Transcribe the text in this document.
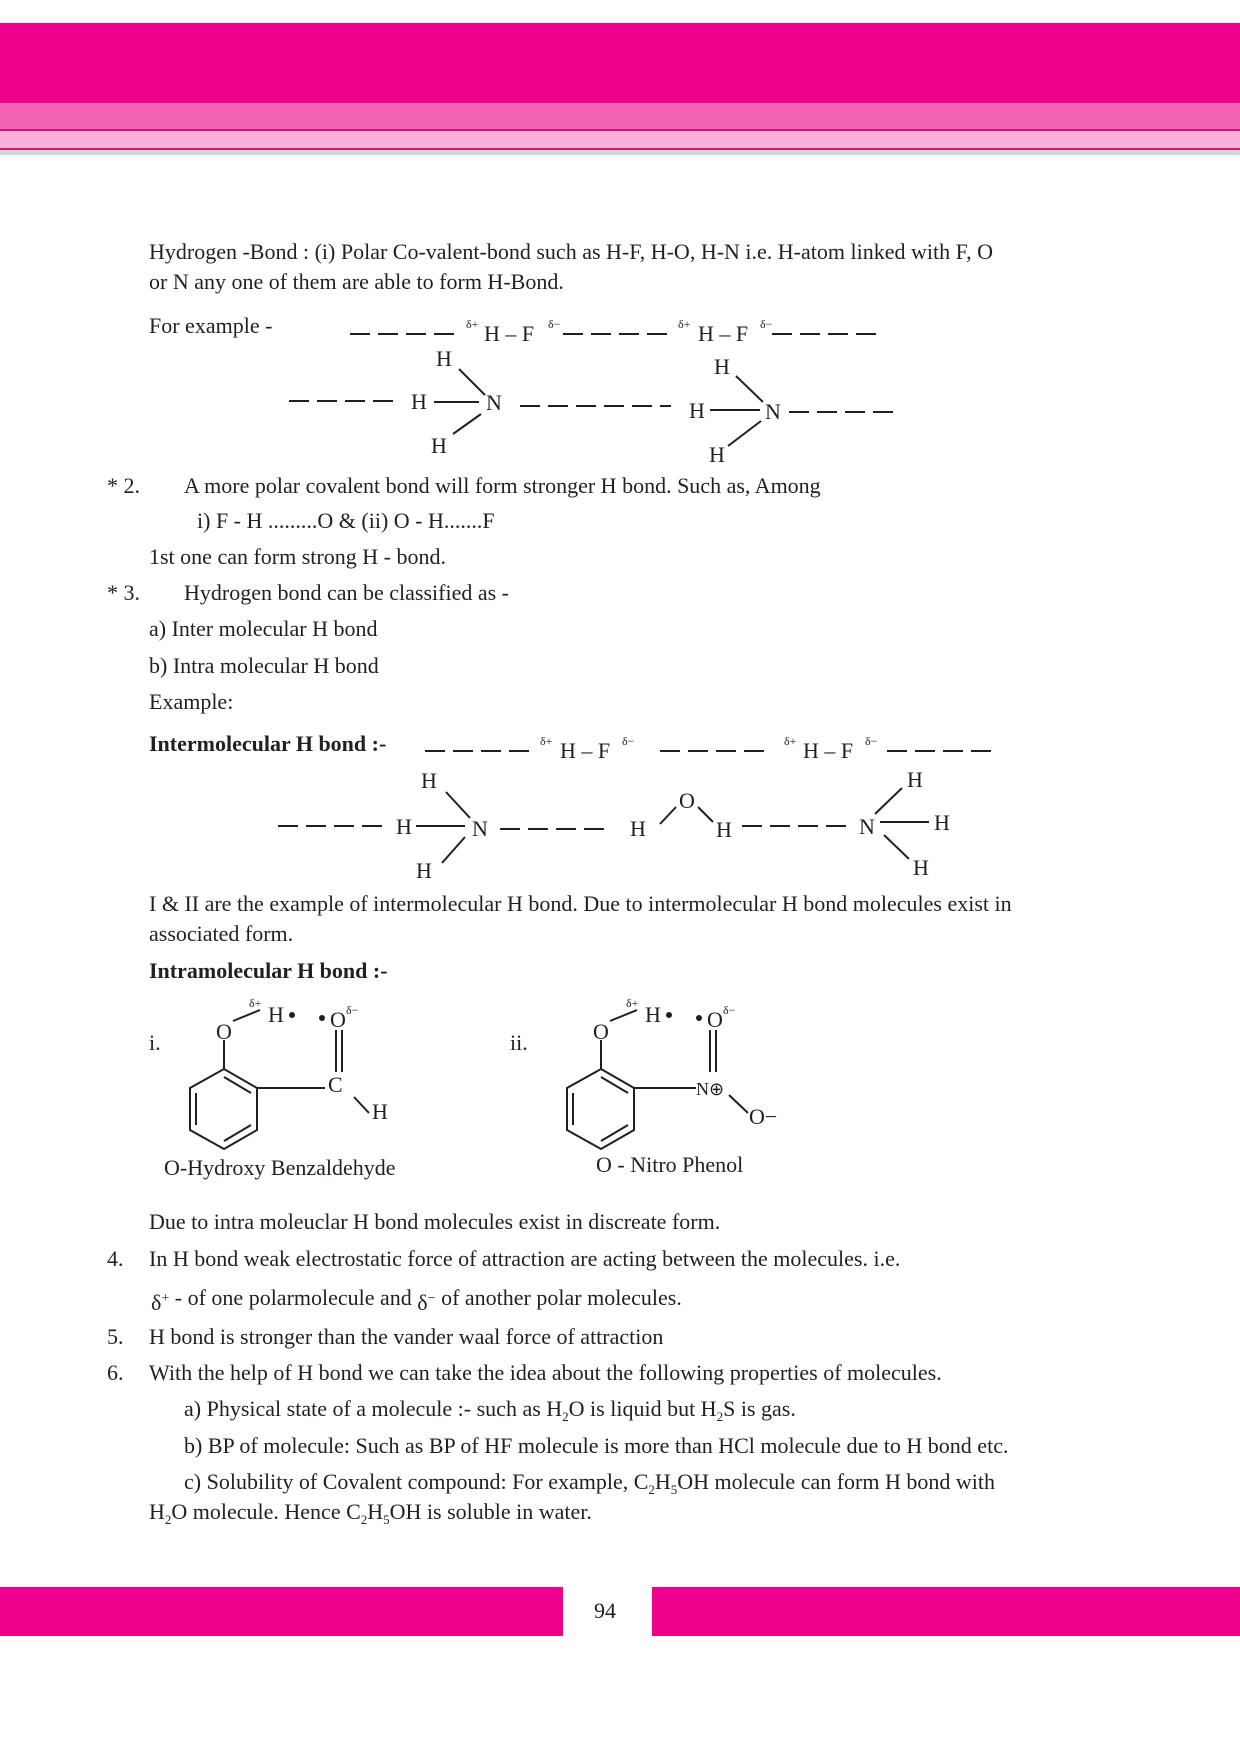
Hydrogen -Bond : (i) Polar Co-valent-bond such as H-F, H-O, H-N i.e. H-atom linked with F, O
or N any one of them are able to form H-Bond.
For example -
* 2. A more polar covalent bond will form stronger H bond. Such as, Among
i) F - H .........O & (ii) O - H.......F
1st one can form strong H - bond.
* 3. Hydrogen bond can be classified as -
a) Inter molecular H bond
b) Intra molecular H bond
Example:
Intermolecular H bond :-
I & II are the example of intermolecular H bond. Due to intermolecular H bond molecules exist in
associated form.
Intramolecular H bond :-
O-Hydroxy Benzaldehyde	O - Nitro Phenol
Due to intra moleuclar H bond molecules exist in discreate form.
4. In H bond weak electrostatic force of attraction are acting between the molecules. i.e.
δ+ - of one polarmolecule and δ− of another polar molecules.
5. H bond is stronger than the vander waal force of attraction
6. With the help of H bond we can take the idea about the following properties of molecules.
a) Physical state of a molecule :- such as $H_2O$ is liquid but $H_2S$ is gas.
b) BP of molecule: Such as BP of HF molecule is more than HCl molecule due to H bond etc.
c) Solubility of Covalent compound: For example, $C_2H_5OH$ molecule can form H bond with
$H_2O$ molecule. Hence $C_2H_5OH$ is soluble in water.
δ+ H – F δ−	δ+ H – F δ−
H	N
H
H
H	N
H
H
δ+ H – F δ−	δ+ H – F δ−
H	N
H
H
H
O
H	N	H
H
H
i.	O
δ+ H O δ−
C
H
ii.	O
δ+ H O δ−
N⊕
O−
94
